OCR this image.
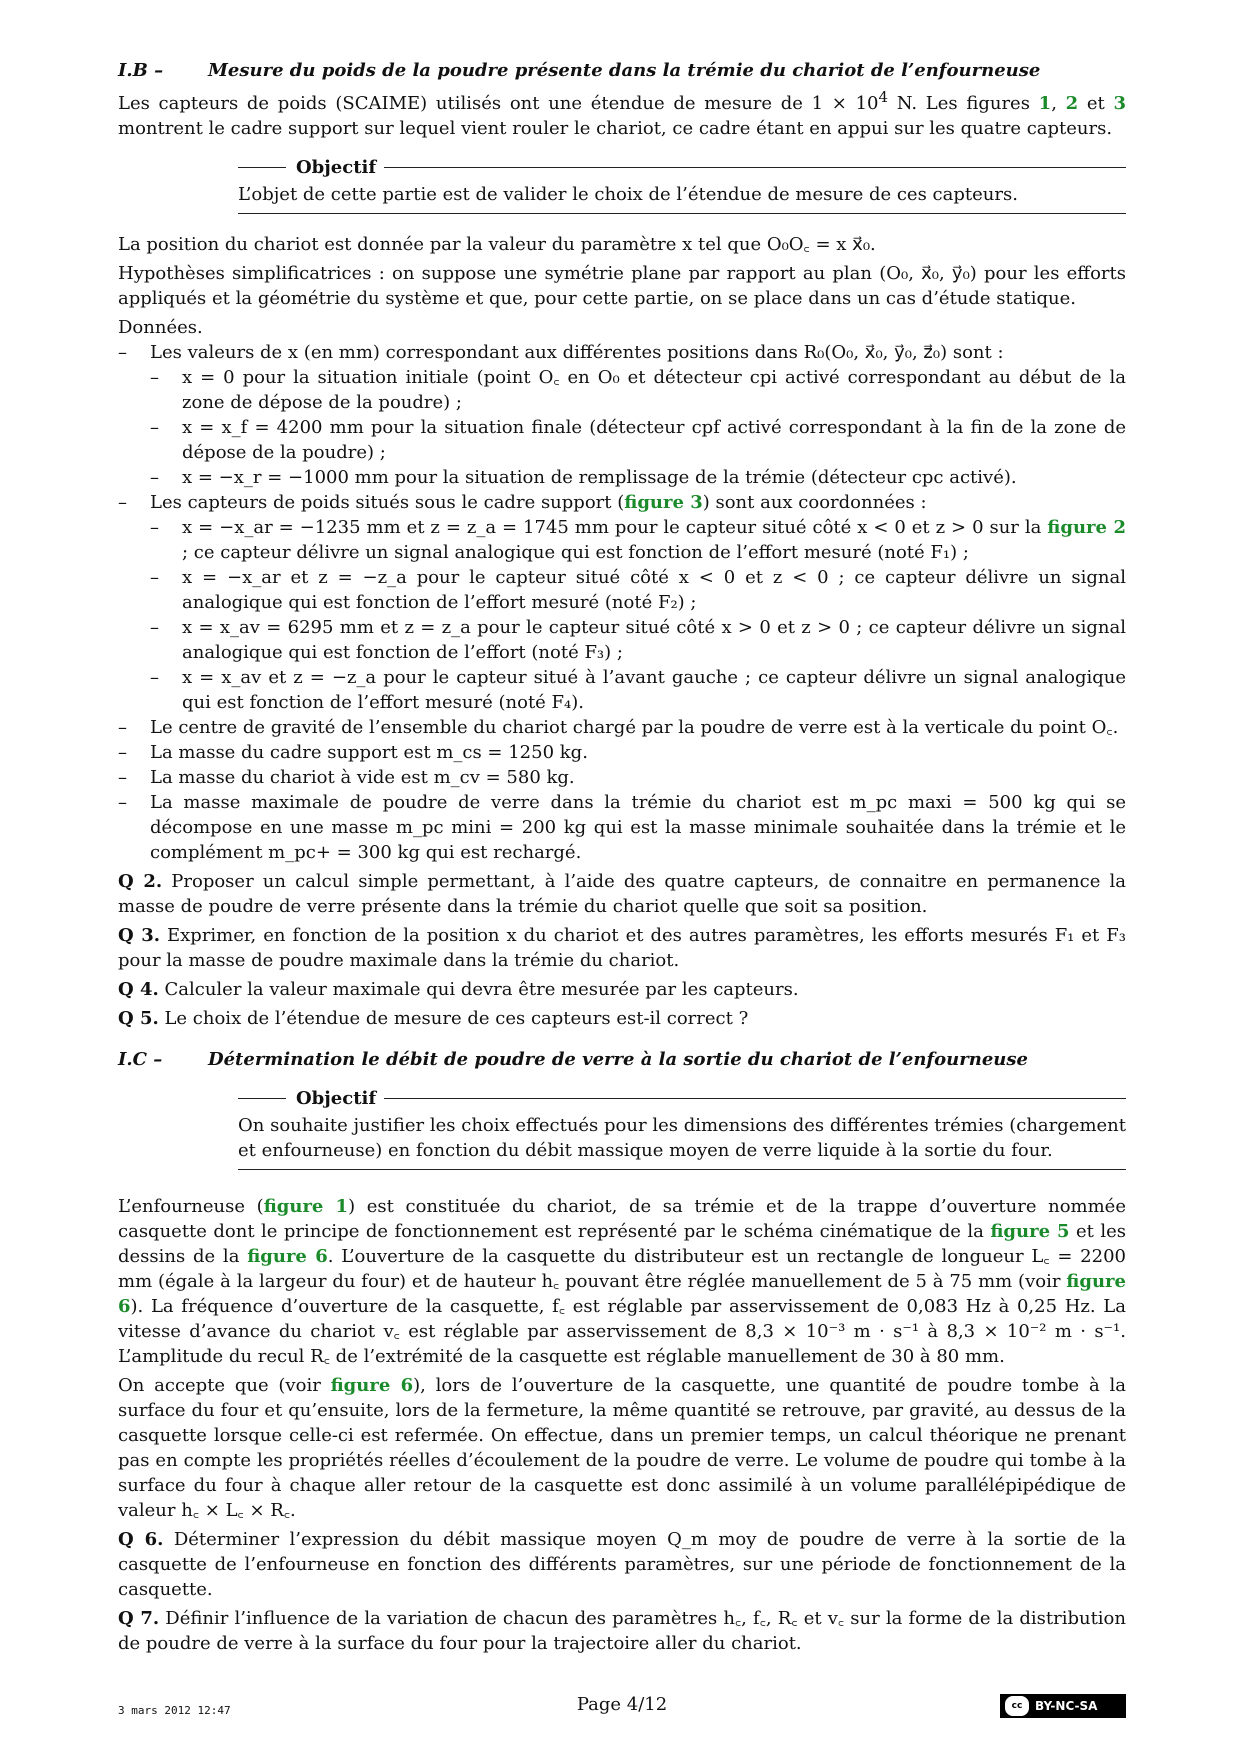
I.B –	Mesure du poids de la poudre présente dans la trémie du chariot de l’enfourneuse

Les capteurs de poids (SCAIME) utilisés ont une étendue de mesure de $1 \times 10^4$ N. Les figures 1, 2 et 3 montrent le cadre support sur lequel vient rouler le chariot, ce cadre étant en appui sur les quatre capteurs.

Objectif
L’objet de cette partie est de valider le choix de l’étendue de mesure de ces capteurs.

La position du chariot est donnée par la valeur du paramètre x tel que O₀O꜀ = x x⃗₀.

Hypothèses simplificatrices : on suppose une symétrie plane par rapport au plan (O₀, x⃗₀, y⃗₀) pour les efforts appliqués et la géométrie du système et que, pour cette partie, on se place dans un cas d’étude statique.

Données.

– Les valeurs de x (en mm) correspondant aux différentes positions dans R₀(O₀, x⃗₀, y⃗₀, z⃗₀) sont :
– x = 0 pour la situation initiale (point O꜀ en O₀ et détecteur cpi activé correspondant au début de la zone de dépose de la poudre) ;
– x = x_f = 4200 mm pour la situation finale (détecteur cpf activé correspondant à la fin de la zone de dépose de la poudre) ;
– x = −x_r = −1000 mm pour la situation de remplissage de la trémie (détecteur cpc activé).
– Les capteurs de poids situés sous le cadre support (figure 3) sont aux coordonnées :
– x = −x_ar = −1235 mm et z = z_a = 1745 mm pour le capteur situé côté x < 0 et z > 0 sur la figure 2 ; ce capteur délivre un signal analogique qui est fonction de l’effort mesuré (noté F₁) ;
– x = −x_ar et z = −z_a pour le capteur situé côté x < 0 et z < 0 ; ce capteur délivre un signal analogique qui est fonction de l’effort mesuré (noté F₂) ;
– x = x_av = 6295 mm et z = z_a pour le capteur situé côté x > 0 et z > 0 ; ce capteur délivre un signal analogique qui est fonction de l’effort (noté F₃) ;
– x = x_av et z = −z_a pour le capteur situé à l’avant gauche ; ce capteur délivre un signal analogique qui est fonction de l’effort mesuré (noté F₄).
– Le centre de gravité de l’ensemble du chariot chargé par la poudre de verre est à la verticale du point O꜀.
– La masse du cadre support est m_cs = 1250 kg.
– La masse du chariot à vide est m_cv = 580 kg.
– La masse maximale de poudre de verre dans la trémie du chariot est m_pc maxi = 500 kg qui se décompose en une masse m_pc mini = 200 kg qui est la masse minimale souhaitée dans la trémie et le complément m_pc+ = 300 kg qui est rechargé.
Q 2. Proposer un calcul simple permettant, à l’aide des quatre capteurs, de connaitre en permanence la masse de poudre de verre présente dans la trémie du chariot quelle que soit sa position.
Q 3. Exprimer, en fonction de la position x du chariot et des autres paramètres, les efforts mesurés F₁ et F₃ pour la masse de poudre maximale dans la trémie du chariot.
Q 4. Calculer la valeur maximale qui devra être mesurée par les capteurs.
Q 5. Le choix de l’étendue de mesure de ces capteurs est-il correct ?
I.C –	Détermination le débit de poudre de verre à la sortie du chariot de l’enfourneuse
Objectif
On souhaite justifier les choix effectués pour les dimensions des différentes trémies (chargement et enfourneuse) en fonction du débit massique moyen de verre liquide à la sortie du four.

L’enfourneuse (figure 1) est constituée du chariot, de sa trémie et de la trappe d’ouverture nommée casquette dont le principe de fonctionnement est représenté par le schéma cinématique de la figure 5 et les dessins de la figure 6. L’ouverture de la casquette du distributeur est un rectangle de longueur L꜀ = 2200 mm (égale à la largeur du four) et de hauteur h꜀ pouvant être réglée manuellement de 5 à 75 mm (voir figure 6). La fréquence d’ouverture de la casquette, f꜀ est réglable par asservissement de 0,083 Hz à 0,25 Hz. La vitesse d’avance du chariot v꜀ est réglable par asservissement de 8,3 × 10⁻³ m · s⁻¹ à 8,3 × 10⁻² m · s⁻¹. L’amplitude du recul R꜀ de l’extrémité de la casquette est réglable manuellement de 30 à 80 mm.

On accepte que (voir figure 6), lors de l’ouverture de la casquette, une quantité de poudre tombe à la surface du four et qu’ensuite, lors de la fermeture, la même quantité se retrouve, par gravité, au dessus de la casquette lorsque celle-ci est refermée. On effectue, dans un premier temps, un calcul théorique ne prenant pas en compte les propriétés réelles d’écoulement de la poudre de verre. Le volume de poudre qui tombe à la surface du four à chaque aller retour de la casquette est donc assimilé à un volume parallélépipédique de valeur h꜀ × L꜀ × R꜀.

Q 6. Déterminer l’expression du débit massique moyen Q_m moy de poudre de verre à la sortie de la casquette de l’enfourneuse en fonction des différents paramètres, sur une période de fonctionnement de la casquette.
Q 7. Définir l’influence de la variation de chacun des paramètres h꜀, f꜀, R꜀ et v꜀ sur la forme de la distribution de poudre de verre à la surface du four pour la trajectoire aller du chariot.
3 mars 2012 12:47	Page 4/12	cc	BY-NC-SA
